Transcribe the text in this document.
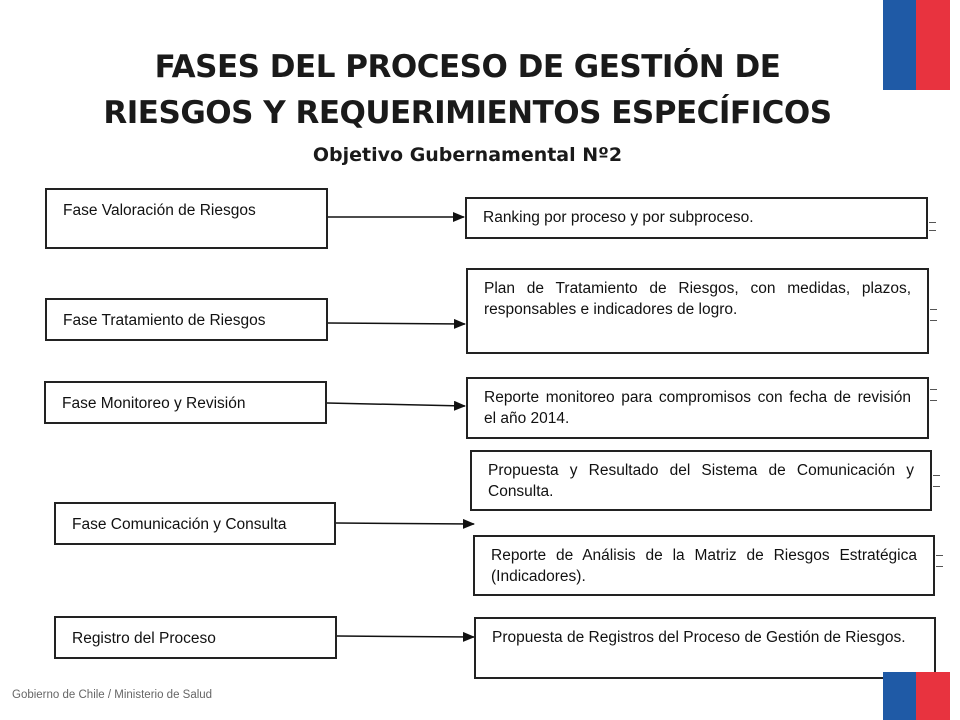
FASES DEL PROCESO DE GESTIÓN DE
RIESGOS Y REQUERIMIENTOS ESPECÍFICOS
Objetivo Gubernamental Nº2
Fase Valoración de Riesgos
Fase Tratamiento de Riesgos
Fase Monitoreo y Revisión
Fase Comunicación y Consulta
Registro del Proceso
Ranking por proceso y por subproceso.
Plan de Tratamiento de Riesgos, con medidas, plazos, responsables e indicadores de logro.
Reporte monitoreo para compromisos con fecha de revisión el año 2014.
Propuesta y Resultado del Sistema de Comunicación y Consulta.
Reporte de Análisis de la Matriz de Riesgos Estratégica (Indicadores).
Propuesta de Registros del Proceso de Gestión de Riesgos.
Gobierno de Chile / Ministerio de Salud
